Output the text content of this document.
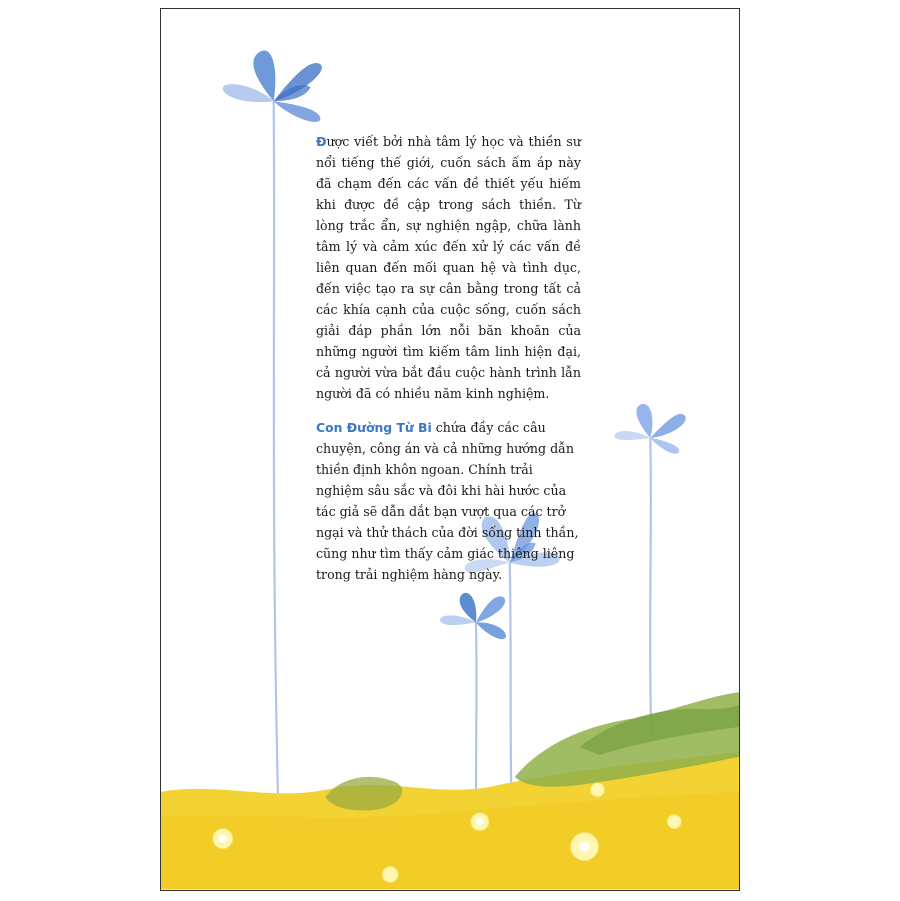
Được viết bởi nhà tâm lý học và thiền sư nổi tiếng thế giới, cuốn sách ấm áp này đã chạm đến các vấn đề thiết yếu hiếm khi được đề cập trong sách thiền. Từ lòng trắc ẩn, sự nghiện ngập, chữa lành tâm lý và cảm xúc đến xử lý các vấn đề liên quan đến mối quan hệ và tình dục, đến việc tạo ra sự cân bằng trong tất cả các khía cạnh của cuộc sống, cuốn sách giải đáp phần lớn nỗi băn khoăn của những người tìm kiếm tâm linh hiện đại, cả người vừa bắt đầu cuộc hành trình lẫn người đã có nhiều năm kinh nghiệm.

Con Đường Từ Bi chứa đầy các câu chuyện, công án và cả những hướng dẫn thiền định khôn ngoan. Chính trải nghiệm sâu sắc và đôi khi hài hước của tác giả sẽ dẫn dắt bạn vượt qua các trở ngại và thử thách của đời sống tinh thần, cũng như tìm thấy cảm giác thiêng liêng trong trải nghiệm hàng ngày.
